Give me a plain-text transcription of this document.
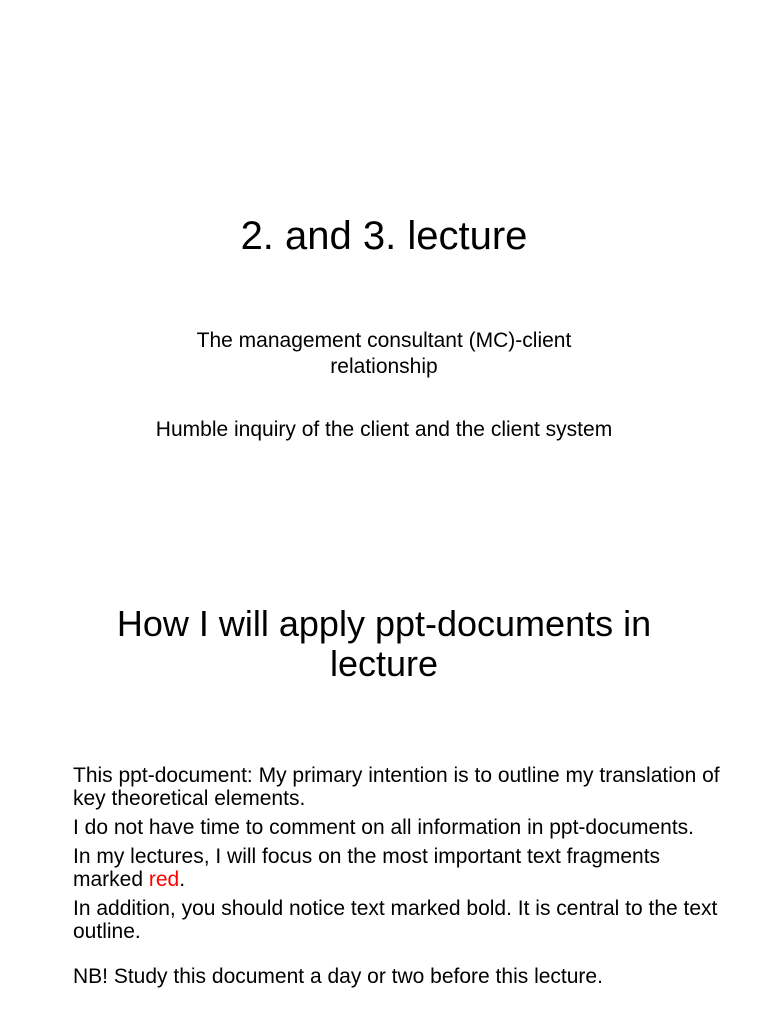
2. and 3. lecture
The management consultant (MC)-client relationship
Humble inquiry of the client and the client system
How I will apply ppt-documents in lecture

This ppt-document: My primary intention is to outline my translation of key theoretical elements.

I do not have time to comment on all information in ppt-documents.

In my lectures, I will focus on the most important text fragments marked red.

In addition, you should notice text marked bold. It is central to the text outline.

NB! Study this document a day or two before this lecture.
